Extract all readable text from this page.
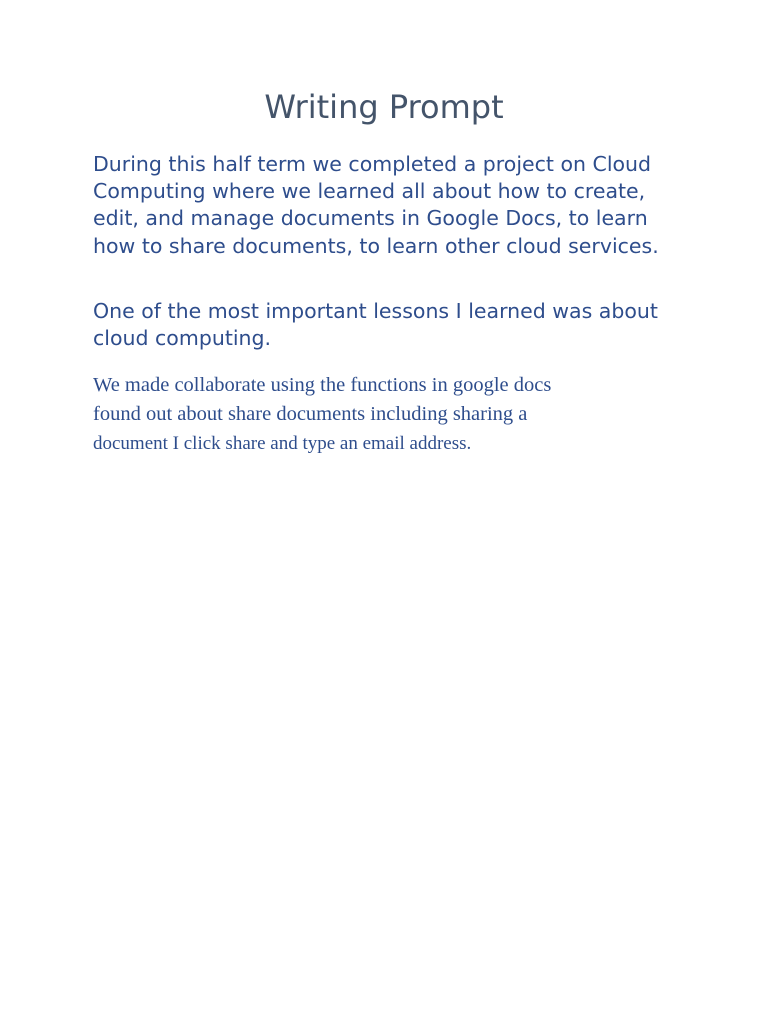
Writing Prompt

During this half term we completed a project on Cloud Computing where we learned all about how to create, edit, and manage documents in Google Docs, to learn how to share documents, to learn other cloud services.

One of the most important lessons I learned was about cloud computing.

We made collaborate using the functions in google docs
found out about share documents including sharing a
document I click share and type an email address.
